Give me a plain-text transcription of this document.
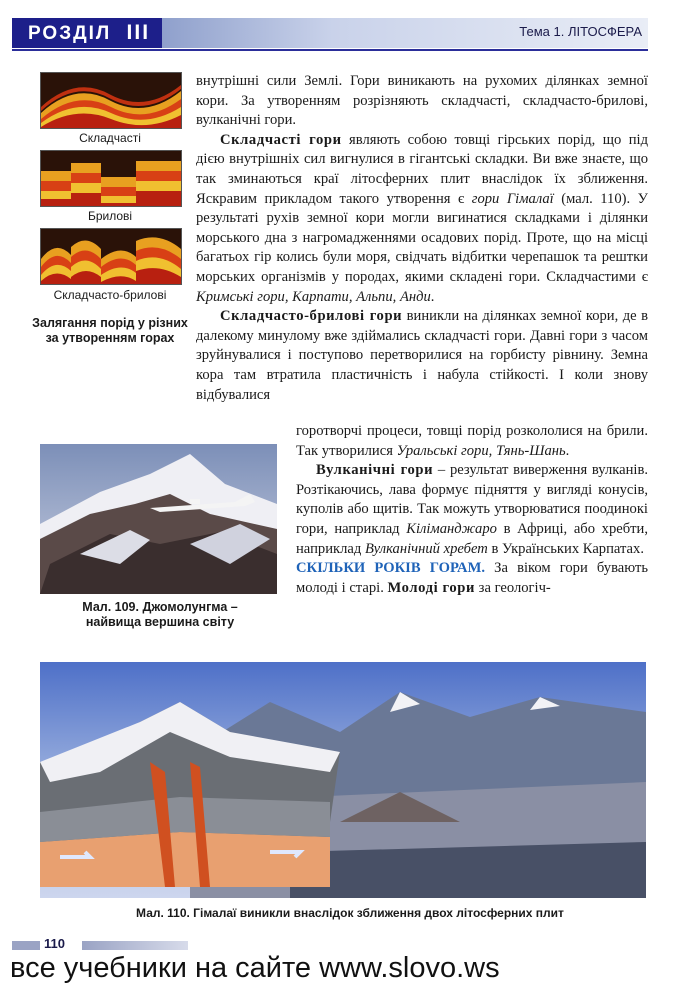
РОЗДІЛ III	Тема 1. ЛІТОСФЕРА
Складчасті
Брилові
Складчасто-брилові
Залягання порід у різних за утворенням горах

внутрішні сили Землі. Гори виникають на рухомих ділянках земної кори. За утворенням розрізняють складчасті, складчасто-брилові, вулканічні гори.

Складчасті гори являють собою товщі гірських порід, що під дією внутрішніх сил вигнулися в гігантські складки. Ви вже знаєте, що так зминаються краї літосферних плит внаслідок їх зближення. Яскравим прикладом такого утворення є гори Гімалаї (мал. 110). У результаті рухів земної кори могли вигинатися складками і ділянки морського дна з нагромадженнями осадових порід. Проте, що на місці багатьох гір колись були моря, свідчать відбитки черепашок та рештки морських організмів у породах, якими складені гори. Складчастими є Кримські гори, Карпати, Альпи, Анди.

Складчасто-брилові гори виникли на ділянках земної кори, де в далекому минулому вже здіймались складчасті гори. Давні гори з часом зруйнувалися і поступово перетворилися на горбисту рівнину. Земна кора там втратила пластичність і набула стійкості. І коли знову відбувалися

горотворчі процеси, товщі порід розкололися на брили. Так утворилися Уральські гори, Тянь-Шань.

Вулканічні гори – результат виверження вулканів. Розтікаючись, лава формує підняття у вигляді конусів, куполів або щитів. Так можуть утворюватися поодинокі гори, наприклад Кіліманджаро в Африці, або хребти, наприклад Вулканічний хребет в Українських Карпатах.

СКІЛЬКИ РОКІВ ГОРАМ. За віком гори бувають молоді і старі. Молоді гори за геологіч-

Мал. 109. Джомолунгма – найвища вершина світу
Мал. 110. Гімалаї виникли внаслідок зближення двох літосферних плит
110
все учебники на сайте www.slovo.ws
